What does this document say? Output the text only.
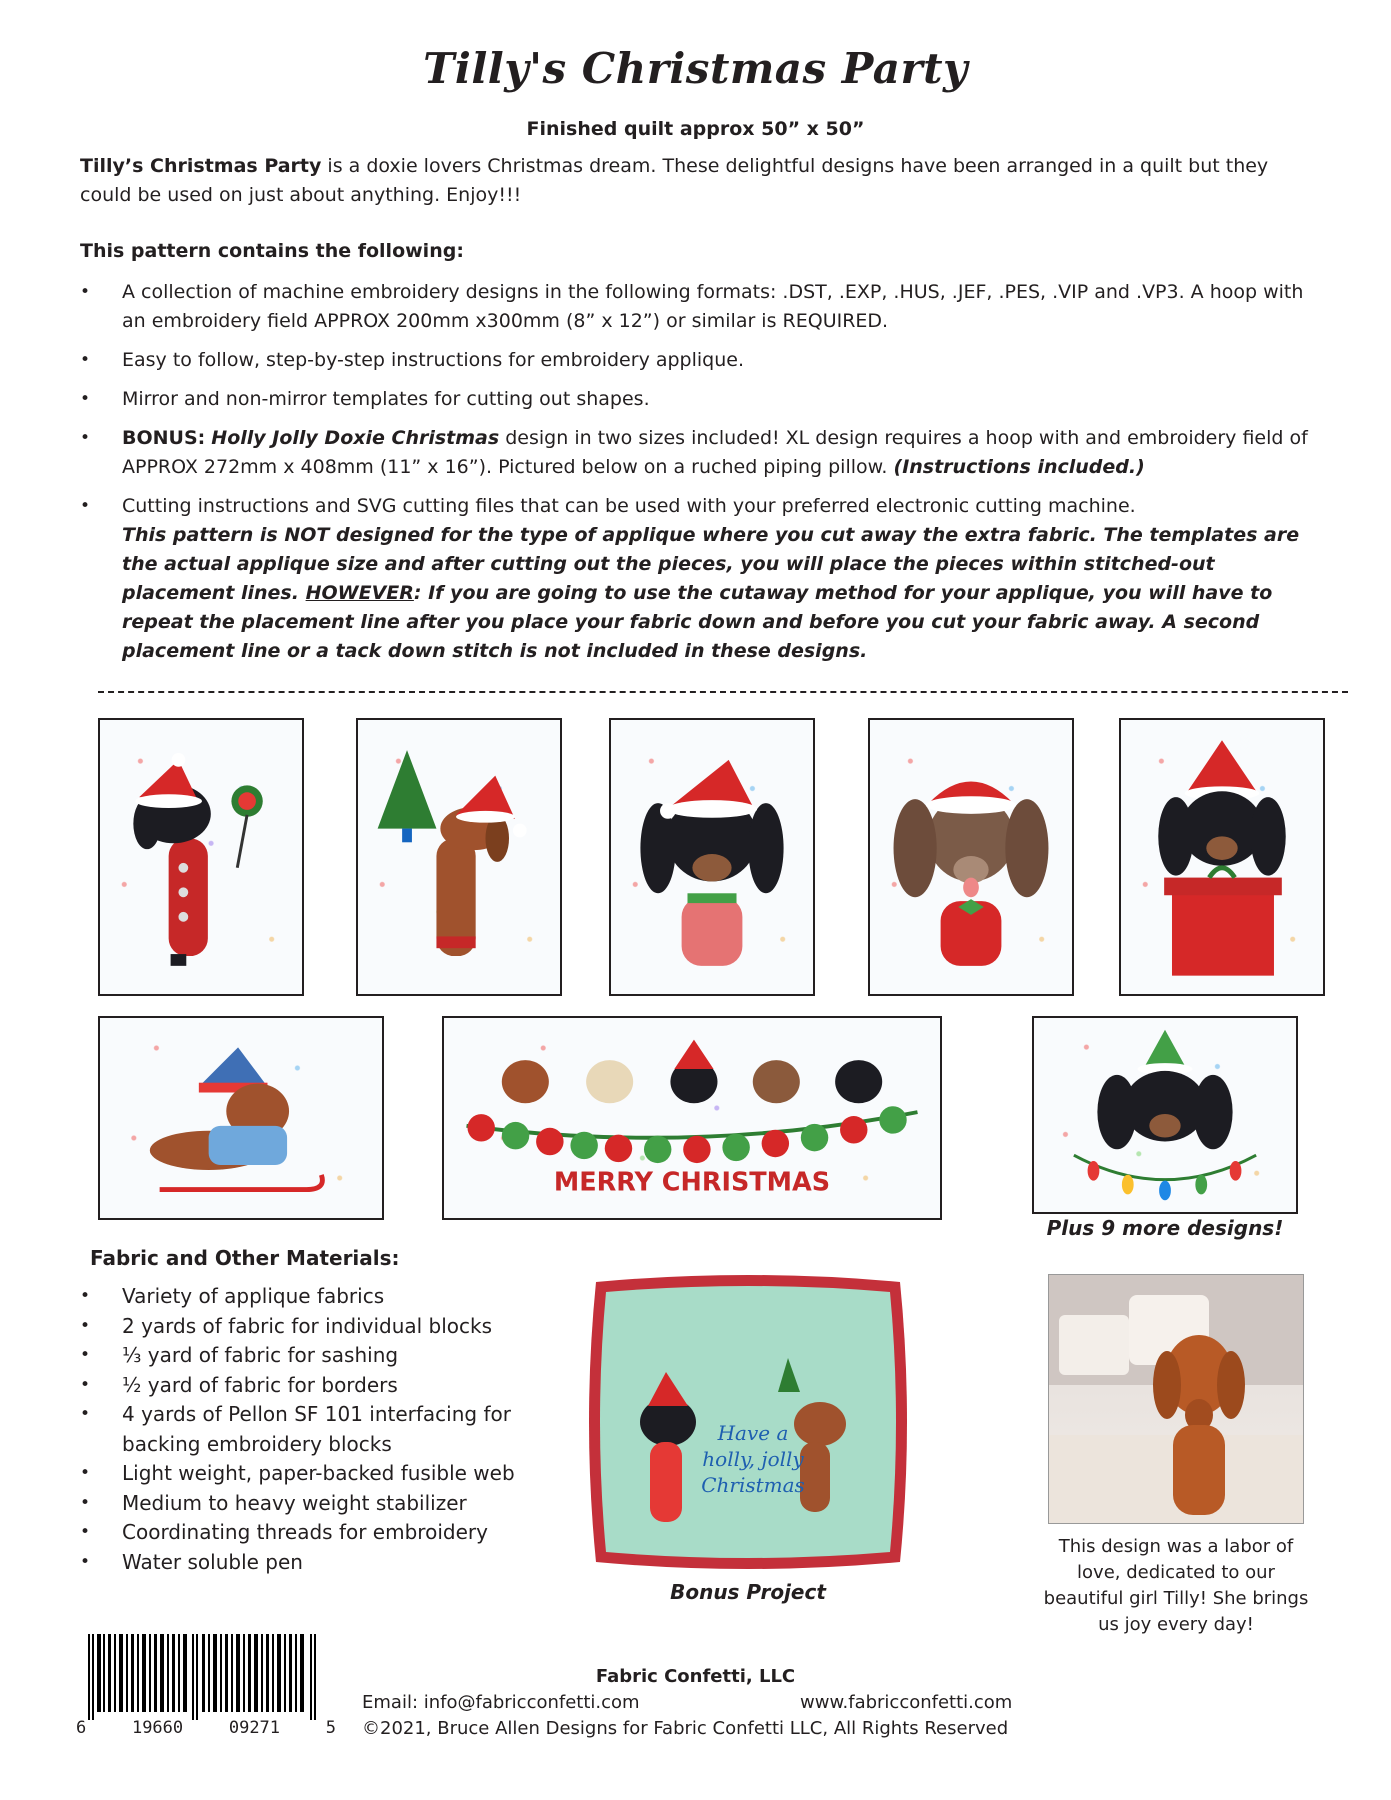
Tilly's Christmas Party
Finished quilt approx 50” x 50”

Tilly’s Christmas Party is a doxie lovers Christmas dream. These delightful designs have been arranged in a quilt but they could be used on just about anything. Enjoy!!!

This pattern contains the following:
• A collection of machine embroidery designs in the following formats: .DST, .EXP, .HUS, .JEF, .PES, .VIP and .VP3. A hoop with an embroidery field APPROX 200mm x300mm (8” x 12”) or similar is REQUIRED.
• Easy to follow, step-by-step instructions for embroidery applique.
• Mirror and non-mirror templates for cutting out shapes.
• BONUS: Holly Jolly Doxie Christmas design in two sizes included! XL design requires a hoop with and embroidery field of APPROX 272mm x 408mm (11” x 16”). Pictured below on a ruched piping pillow. (Instructions included.)
• Cutting instructions and SVG cutting files that can be used with your preferred electronic cutting machine.
This pattern is NOT designed for the type of applique where you cut away the extra fabric. The templates are the actual applique size and after cutting out the pieces, you will place the pieces within stitched-out placement lines. HOWEVER: If you are going to use the cutaway method for your applique, you will have to repeat the placement line after you place your fabric down and before you cut your fabric away. A second placement line or a tack down stitch is not included in these designs.
MERRY CHRISTMAS
Plus 9 more designs!
Fabric and Other Materials:
• Variety of applique fabrics
• 2 yards of fabric for individual blocks
• ⅓ yard of fabric for sashing
• ½ yard of fabric for borders
• 4 yards of Pellon SF 101 interfacing for backing embroidery blocks
• Light weight, paper-backed fusible web
• Medium to heavy weight stabilizer
• Coordinating threads for embroidery
• Water soluble pen
Have a
holly, jolly
Christmas
Bonus Project
This design was a labor of love, dedicated to our beautiful girl Tilly! She brings us joy every day!
6	19660	09271	5
Fabric Confetti, LLC
Email: info@fabricconfetti.com	www.fabricconfetti.com
©2021, Bruce Allen Designs for Fabric Confetti LLC, All Rights Reserved
